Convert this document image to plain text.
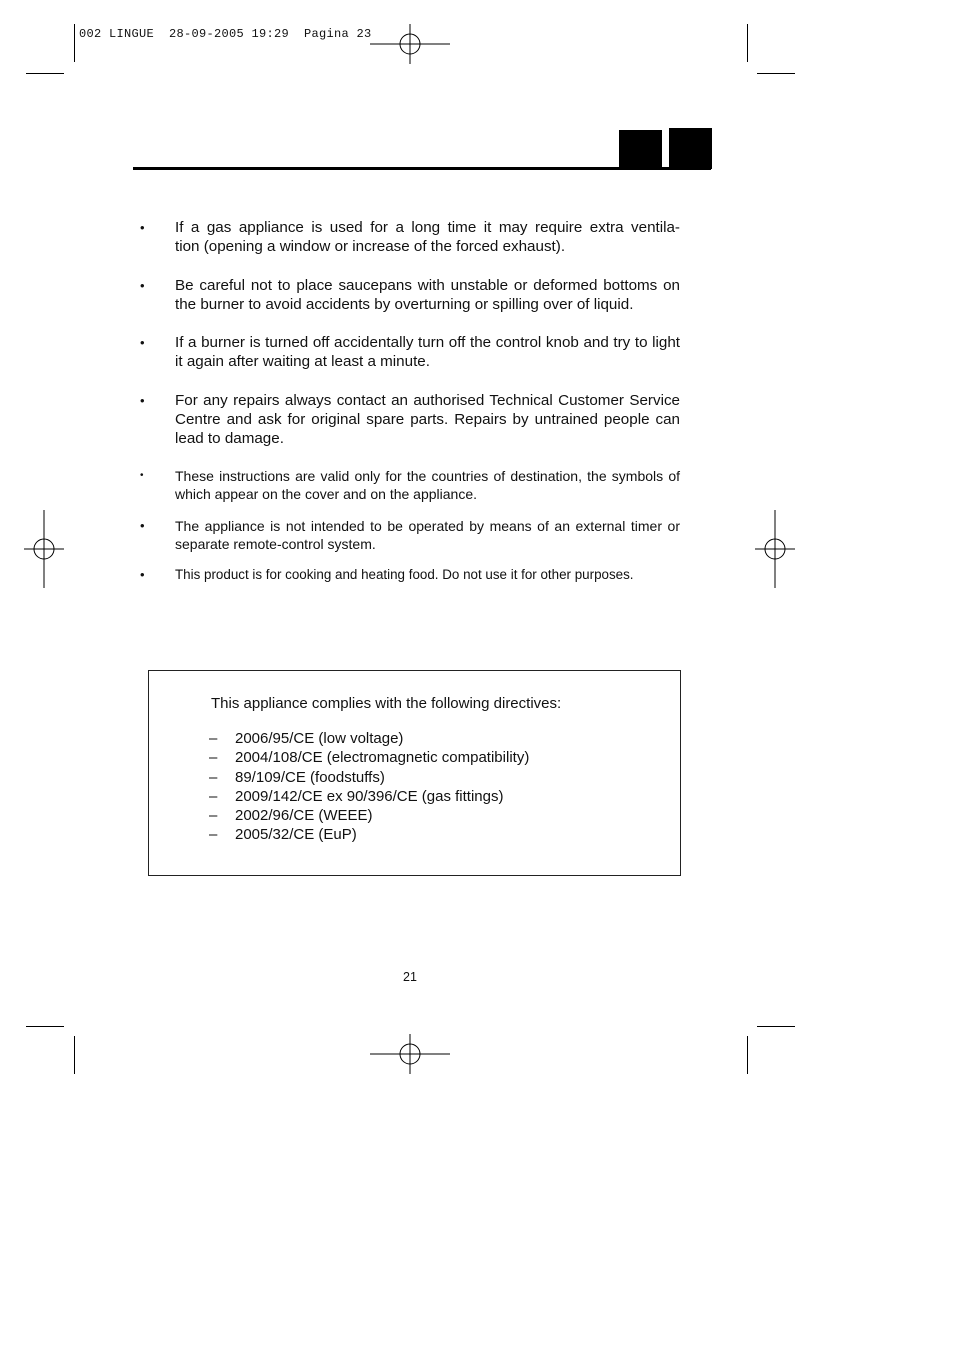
002 LINGUE  28-09-2005 19:29  Pagina 23
• If a gas appliance is used for a long time it may require extra ventila-
tion (opening a window or increase of the forced exhaust).
• Be careful not to place saucepans with unstable or deformed bottoms on the burner to avoid accidents by overturning or spilling over of liquid.
• If a burner is turned off accidentally turn off the control knob and try to light it again after waiting at least a minute.
• For any repairs always contact an authorised Technical Customer Service Centre and ask for original spare parts. Repairs by untrained people can lead to damage.
• These instructions are valid only for the countries of destination, the symbols of which appear on the cover and on the appliance.
• The appliance is not intended to be operated by means of an external timer or separate remote-control system.
• This product is for cooking and heating food. Do not use it for other purposes.
This appliance complies with the following directives:
– 2006/95/CE (low voltage)
– 2004/108/CE (electromagnetic compatibility)
– 89/109/CE (foodstuffs)
– 2009/142/CE ex 90/396/CE (gas fittings)
– 2002/96/CE (WEEE)
– 2005/32/CE (EuP)
21
